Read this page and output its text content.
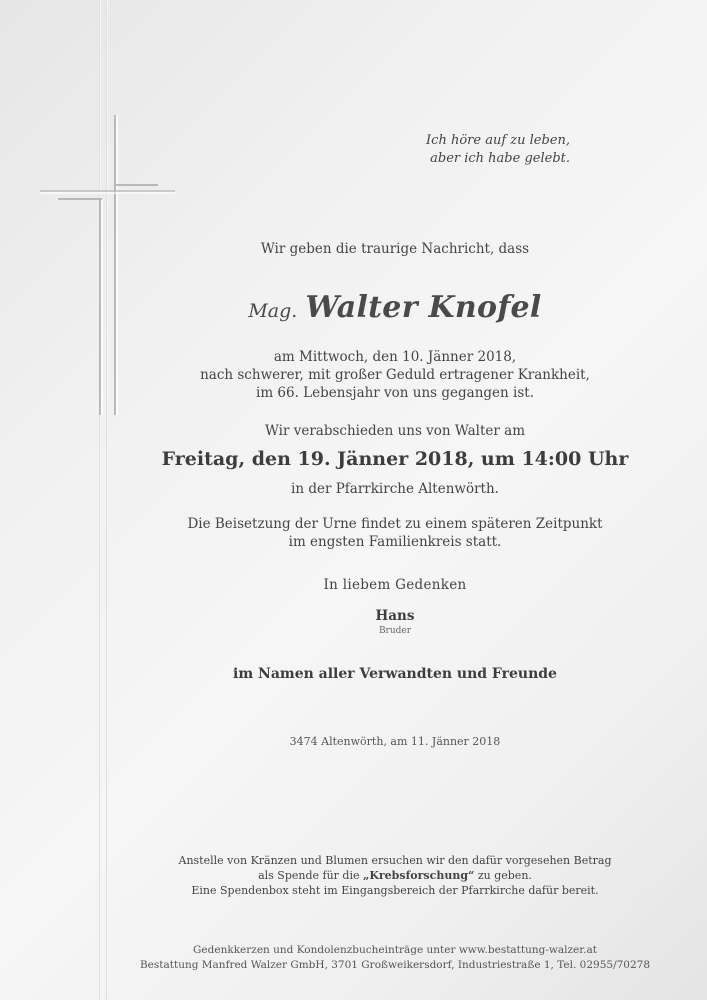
Ich höre auf zu leben,
aber ich habe gelebt.
Wir geben die traurige Nachricht, dass
Mag. Walter Knofel
am Mittwoch, den 10. Jänner 2018,
nach schwerer, mit großer Geduld ertragener Krankheit,
im 66. Lebensjahr von uns gegangen ist.
Wir verabschieden uns von Walter am
Freitag, den 19. Jänner 2018, um 14:00 Uhr
in der Pfarrkirche Altenwörth.
Die Beisetzung der Urne findet zu einem späteren Zeitpunkt
im engsten Familienkreis statt.
In liebem Gedenken
Hans
Bruder
im Namen aller Verwandten und Freunde
3474 Altenwörth, am 11. Jänner 2018
Anstelle von Kränzen und Blumen ersuchen wir den dafür vorgesehen Betrag
als Spende für die „Krebsforschung“ zu geben.
Eine Spendenbox steht im Eingangsbereich der Pfarrkirche dafür bereit.
Gedenkkerzen und Kondolenzbucheinträge unter www.bestattung-walzer.at
Bestattung Manfred Walzer GmbH, 3701 Großweikersdorf, Industriestraße 1, Tel. 02955/70278
